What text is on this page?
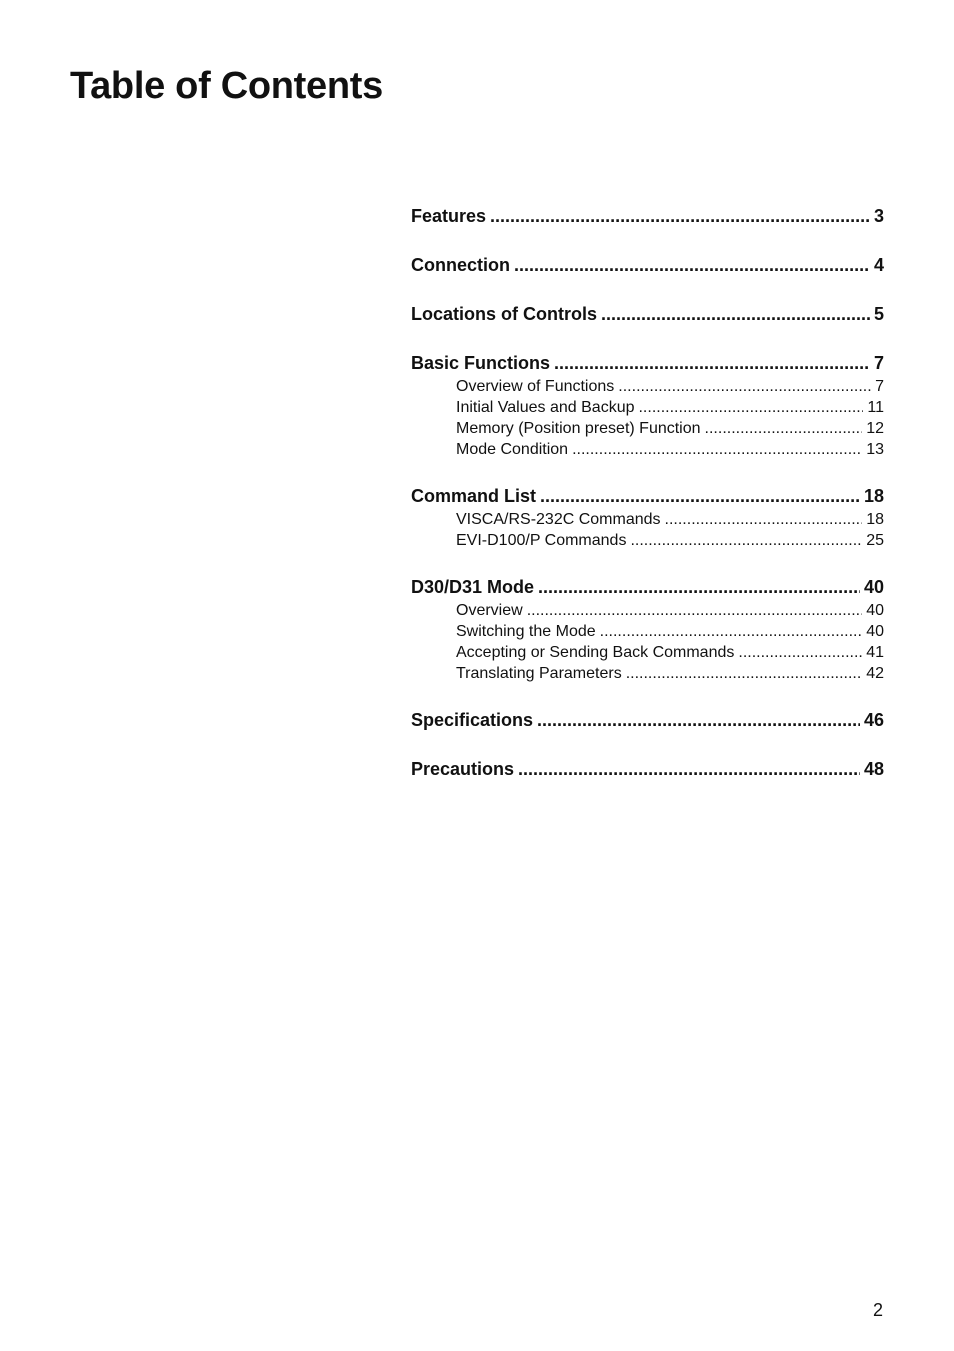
Table of Contents
Features .....	3
Connection .....	4
Locations of Controls .....	5
Basic Functions .....	7
Overview of Functions .....	7
Initial Values and Backup .....	11
Memory (Position preset) Function .....	12
Mode Condition .....	13
Command List .....	18
VISCA/RS-232C Commands .....	18
EVI-D100/P Commands .....	25
D30/D31 Mode .....	40
Overview .....	40
Switching the Mode .....	40
Accepting or Sending Back Commands .....	41
Translating Parameters .....	42
Specifications .....	46
Precautions .....	48
2
